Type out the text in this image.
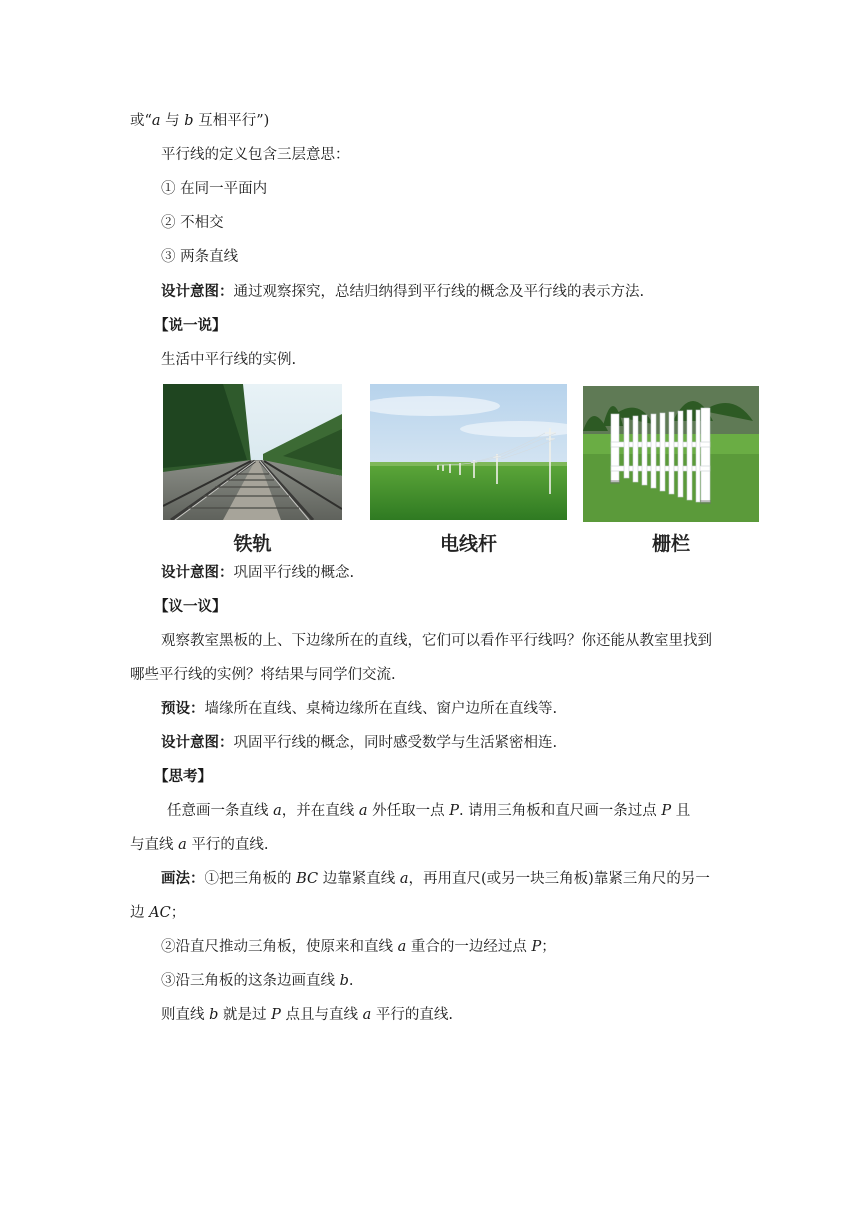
或“a 与 b 互相平行”)
平行线的定义包含三层意思：
① 在同一平面内
② 不相交
③ 两条直线
设计意图：通过观察探究，总结归纳得到平行线的概念及平行线的表示方法.
【说一说】
生活中平行线的实例.
铁轨	电线杆	栅栏
设计意图：巩固平行线的概念.
【议一议】
观察教室黑板的上、下边缘所在的直线，它们可以看作平行线吗？你还能从教室里找到
哪些平行线的实例？将结果与同学们交流.
预设：墙缘所在直线、桌椅边缘所在直线、窗户边所在直线等.
设计意图：巩固平行线的概念，同时感受数学与生活紧密相连.
【思考】
任意画一条直线 a，并在直线 a 外任取一点 P. 请用三角板和直尺画一条过点 P 且
与直线 a 平行的直线.
画法：①把三角板的 BC 边靠紧直线 a，再用直尺(或另一块三角板)靠紧三角尺的另一
边 AC；
②沿直尺推动三角板，使原来和直线 a 重合的一边经过点 P；
③沿三角板的这条边画直线 b.
则直线 b 就是过 P 点且与直线 a 平行的直线.
